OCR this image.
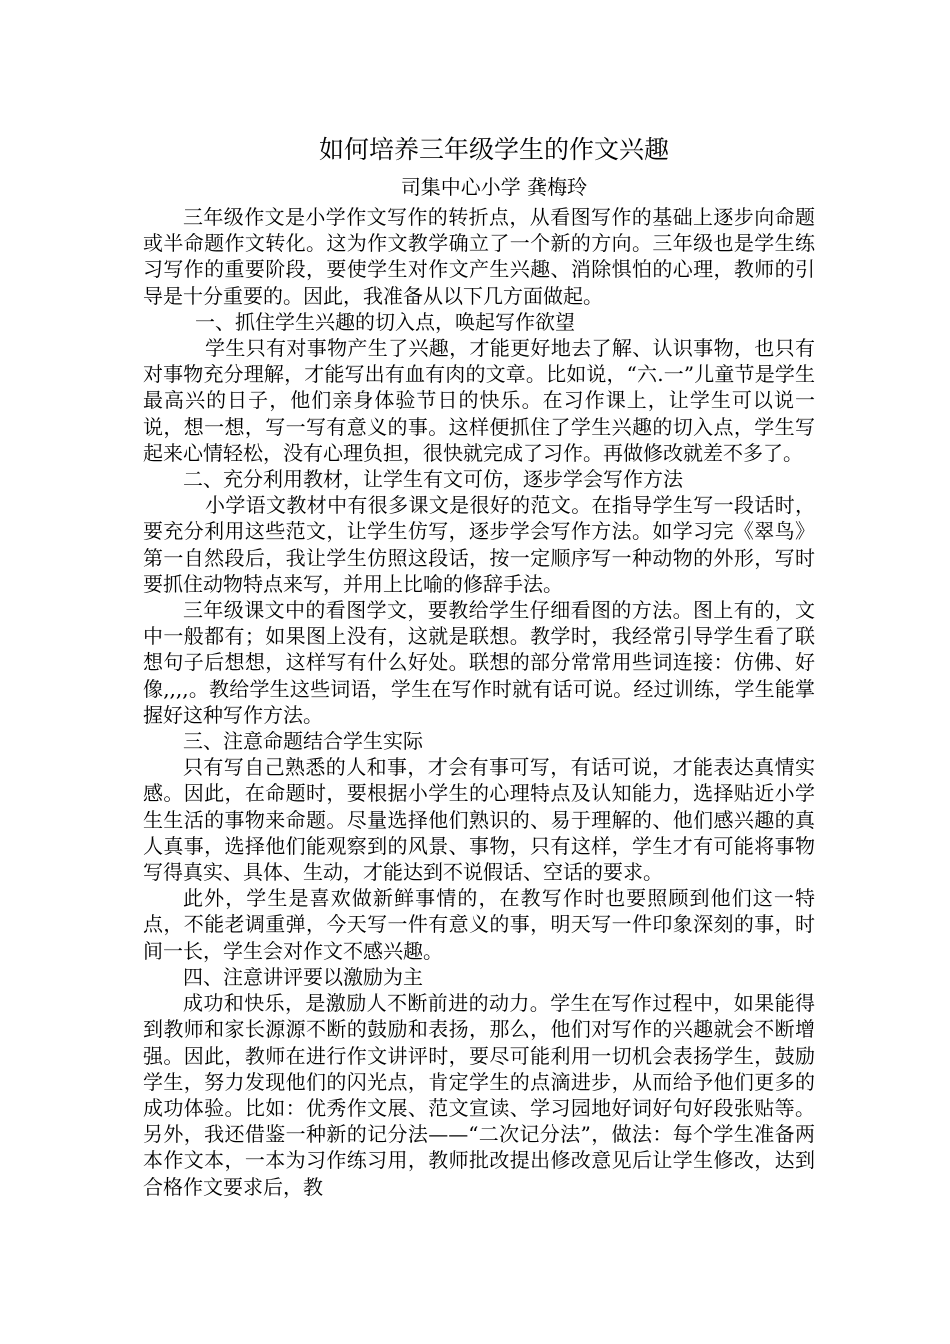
如何培养三年级学生的作文兴趣
司集中心小学 龚梅玲

三年级作文是小学作文写作的转折点，从看图写作的基础上逐步向命题或半命题作文转化。这为作文教学确立了一个新的方向。三年级也是学生练习写作的重要阶段，要使学生对作文产生兴趣、消除惧怕的心理，教师的引导是十分重要的。因此，我准备从以下几方面做起。

一、抓住学生兴趣的切入点，唤起写作欲望

学生只有对事物产生了兴趣，才能更好地去了解、认识事物，也只有对事物充分理解，才能写出有血有肉的文章。比如说，“六.一”儿童节是学生最高兴的日子，他们亲身体验节日的快乐。在习作课上，让学生可以说一说，想一想，写一写有意义的事。这样便抓住了学生兴趣的切入点，学生写起来心情轻松，没有心理负担，很快就完成了习作。再做修改就差不多了。

二、充分利用教材，让学生有文可仿，逐步学会写作方法

小学语文教材中有很多课文是很好的范文。在指导学生写一段话时，要充分利用这些范文，让学生仿写，逐步学会写作方法。如学习完《翠鸟》第一自然段后，我让学生仿照这段话，按一定顺序写一种动物的外形，写时要抓住动物特点来写，并用上比喻的修辞手法。

三年级课文中的看图学文，要教给学生仔细看图的方法。图上有的，文中一般都有；如果图上没有，这就是联想。教学时，我经常引导学生看了联想句子后想想，这样写有什么好处。联想的部分常常用些词连接：仿佛、好像,,,,。教给学生这些词语，学生在写作时就有话可说。经过训练，学生能掌握好这种写作方法。

三、注意命题结合学生实际

只有写自己熟悉的人和事，才会有事可写，有话可说，才能表达真情实感。因此，在命题时，要根据小学生的心理特点及认知能力，选择贴近小学生生活的事物来命题。尽量选择他们熟识的、易于理解的、他们感兴趣的真人真事，选择他们能观察到的风景、事物，只有这样，学生才有可能将事物写得真实、具体、生动，才能达到不说假话、空话的要求。

此外，学生是喜欢做新鲜事情的，在教写作时也要照顾到他们这一特点，不能老调重弹，今天写一件有意义的事，明天写一件印象深刻的事，时间一长，学生会对作文不感兴趣。

四、注意讲评要以激励为主

成功和快乐，是激励人不断前进的动力。学生在写作过程中，如果能得到教师和家长源源不断的鼓励和表扬，那么，他们对写作的兴趣就会不断增强。因此，教师在进行作文讲评时，要尽可能利用一切机会表扬学生，鼓励学生，努力发现他们的闪光点，肯定学生的点滴进步，从而给予他们更多的成功体验。比如：优秀作文展、范文宣读、学习园地好词好句好段张贴等。另外，我还借鉴一种新的记分法——“二次记分法”，做法：每个学生准备两本作文本，一本为习作练习用，教师批改提出修改意见后让学生修改，达到合格作文要求后，教
